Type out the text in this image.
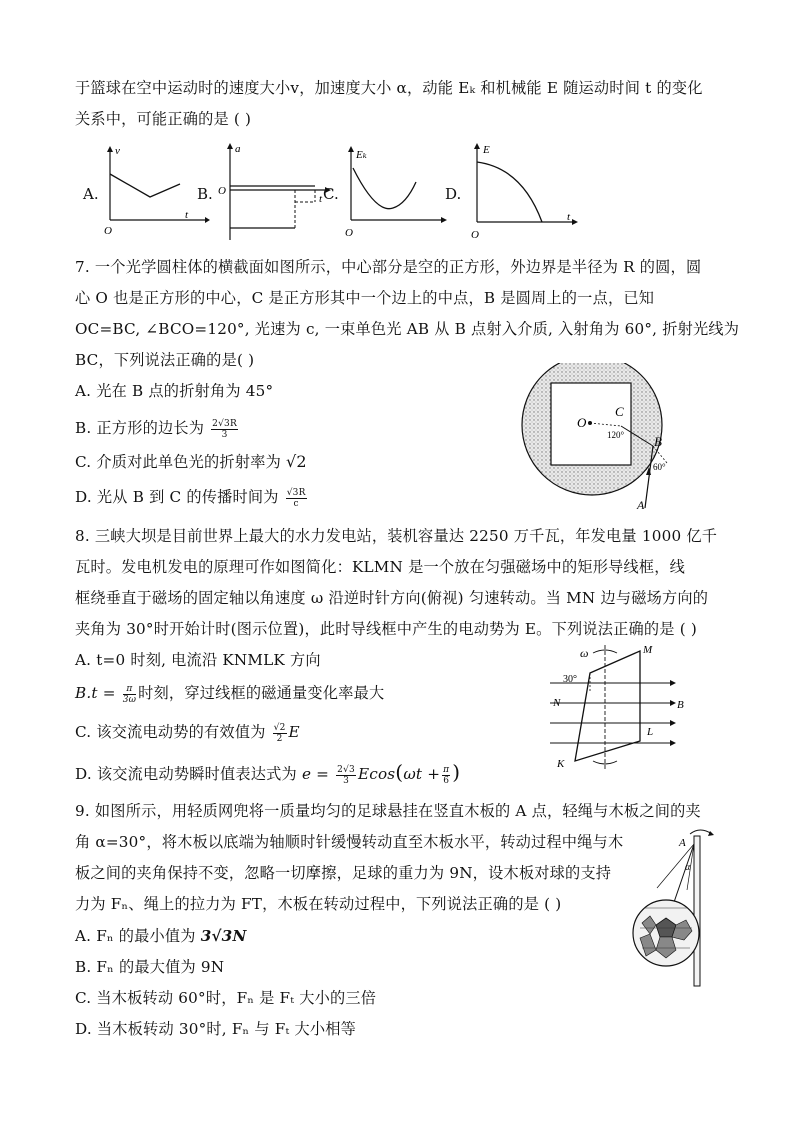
于篮球在空中运动时的速度大小v，加速度大小 α，动能 Eₖ 和机械能 E 随运动时间 t 的变化
关系中，可能正确的是 ( )
A.
v
t
O
B.
a
t
O	C.
Eₖ
O
D.
E
t
O
7. 一个光学圆柱体的横截面如图所示，中心部分是空的正方形，外边界是半径为 R 的圆，圆
心 O 也是正方形的中心，C 是正方形其中一个边上的中点，B 是圆周上的一点，已知
OC=BC, ∠BCO=120°, 光速为 c, 一束单色光 AB 从 B 点射入介质, 入射角为 60°, 折射光线为
BC，下列说法正确的是( )
A. 光在 B 点的折射角为 45°
B. 正方形的边长为 $\frac{2√3R}{3}$
C. 介质对此单色光的折射率为 √2
D. 光从 B 到 C 的传播时间为 $\frac{√3R}{c}$
O
C
B
A
120°
60°
8. 三峡大坝是目前世界上最大的水力发电站，装机容量达 2250 万千瓦，年发电量 1000 亿千
瓦时。发电机发电的原理可作如图简化：KLMN 是一个放在匀强磁场中的矩形导线框，线
框绕垂直于磁场的固定轴以角速度 ω 沿逆时针方向(俯视) 匀速转动。当 MN 边与磁场方向的
夹角为 30°时开始计时(图示位置)，此时导线框中产生的电动势为 E。下列说法正确的是 ( )
A. t=0 时刻, 电流沿 KNMLK 方向
$B.t = \frac{\pi}{3\omega}$ 时刻，穿过线框的磁通量变化率最大
C. 该交流电动势的有效值为 $\frac{√2}{2}$ E
D. 该交流电动势瞬时值表达式为 $e = \frac{2√3}{3} Ecos(\omega t + \frac{\pi}{6}$ )
ω	M
N
L
K
B
30°
9. 如图所示，用轻质网兜将一质量均匀的足球悬挂在竖直木板的 A 点，轻绳与木板之间的夹
角 α=30°，将木板以底端为轴顺时针缓慢转动直至木板水平，转动过程中绳与木
板之间的夹角保持不变，忽略一切摩擦，足球的重力为 9N，设木板对球的支持
力为 Fₙ、绳上的拉力为 FT，木板在转动过程中，下列说法正确的是 ( )
A. Fₙ 的最小值为 3√3N
B. Fₙ 的最大值为 9N
C. 当木板转动 60°时，Fₙ 是 Fₜ 大小的三倍
D. 当木板转动 30°时, Fₙ 与 Fₜ 大小相等
A
α
